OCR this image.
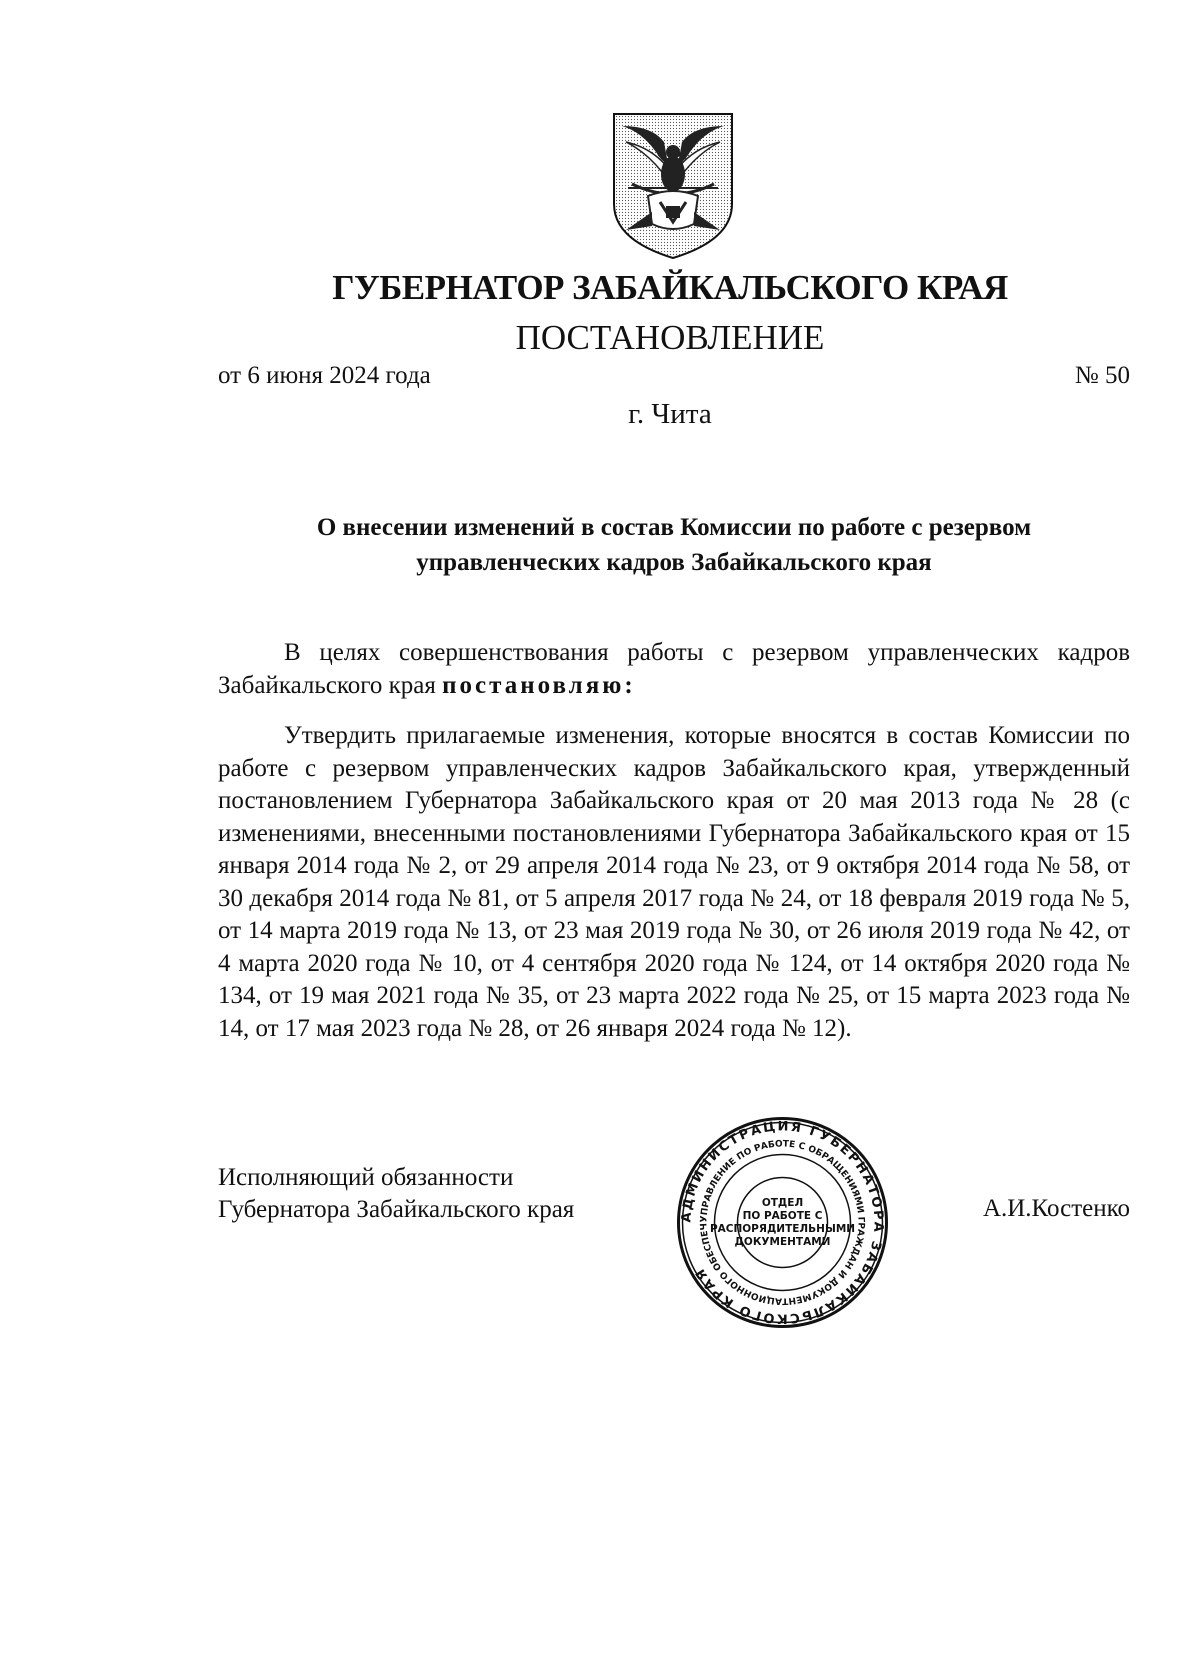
ГУБЕРНАТОР ЗАБАЙКАЛЬСКОГО КРАЯ
ПОСТАНОВЛЕНИЕ
от 6 июня 2024 года	№ 50
г. Чита
О внесении изменений в состав Комиссии по работе с резервом
управленческих кадров Забайкальского края

В целях совершенствования работы с резервом управленческих кадров Забайкальского края постановляю:

Утвердить прилагаемые изменения, которые вносятся в состав Комиссии по работе с резервом управленческих кадров Забайкальского края, утвержденный постановлением Губернатора Забайкальского края от 20 мая 2013 года № 28 (с изменениями, внесенными постановлениями Губернатора Забайкальского края от 15 января 2014 года № 2, от 29 апреля 2014 года № 23, от 9 октября 2014 года № 58, от 30 декабря 2014 года № 81, от 5 апреля 2017 года № 24, от 18 февраля 2019 года № 5, от 14 марта 2019 года № 13, от 23 мая 2019 года № 30, от 26 июля 2019 года № 42, от 4 марта 2020 года № 10, от 4 сентября 2020 года № 124, от 14 октября 2020 года № 134, от 19 мая 2021 года № 35, от 23 марта 2022 года № 25, от 15 марта 2023 года № 14, от 17 мая 2023 года № 28, от 26 января 2024 года № 12).

Исполняющий обязанности
Губернатора Забайкальского края	АДМИНИСТРАЦИЯ ГУБЕРНАТОРА ЗАБАЙКАЛЬСКОГО КРАЯ
УПРАВЛЕНИЕ ПО РАБОТЕ С ОБРАЩЕНИЯМИ ГРАЖДАН И ДОКУМЕНТАЦИОННОГО ОБЕСПЕЧ
ОТДЕЛ
ПО РАБОТЕ С
РАСПОРЯДИТЕЛЬНЫМИ
ДОКУМЕНТАМИ
А.И.Костенко
